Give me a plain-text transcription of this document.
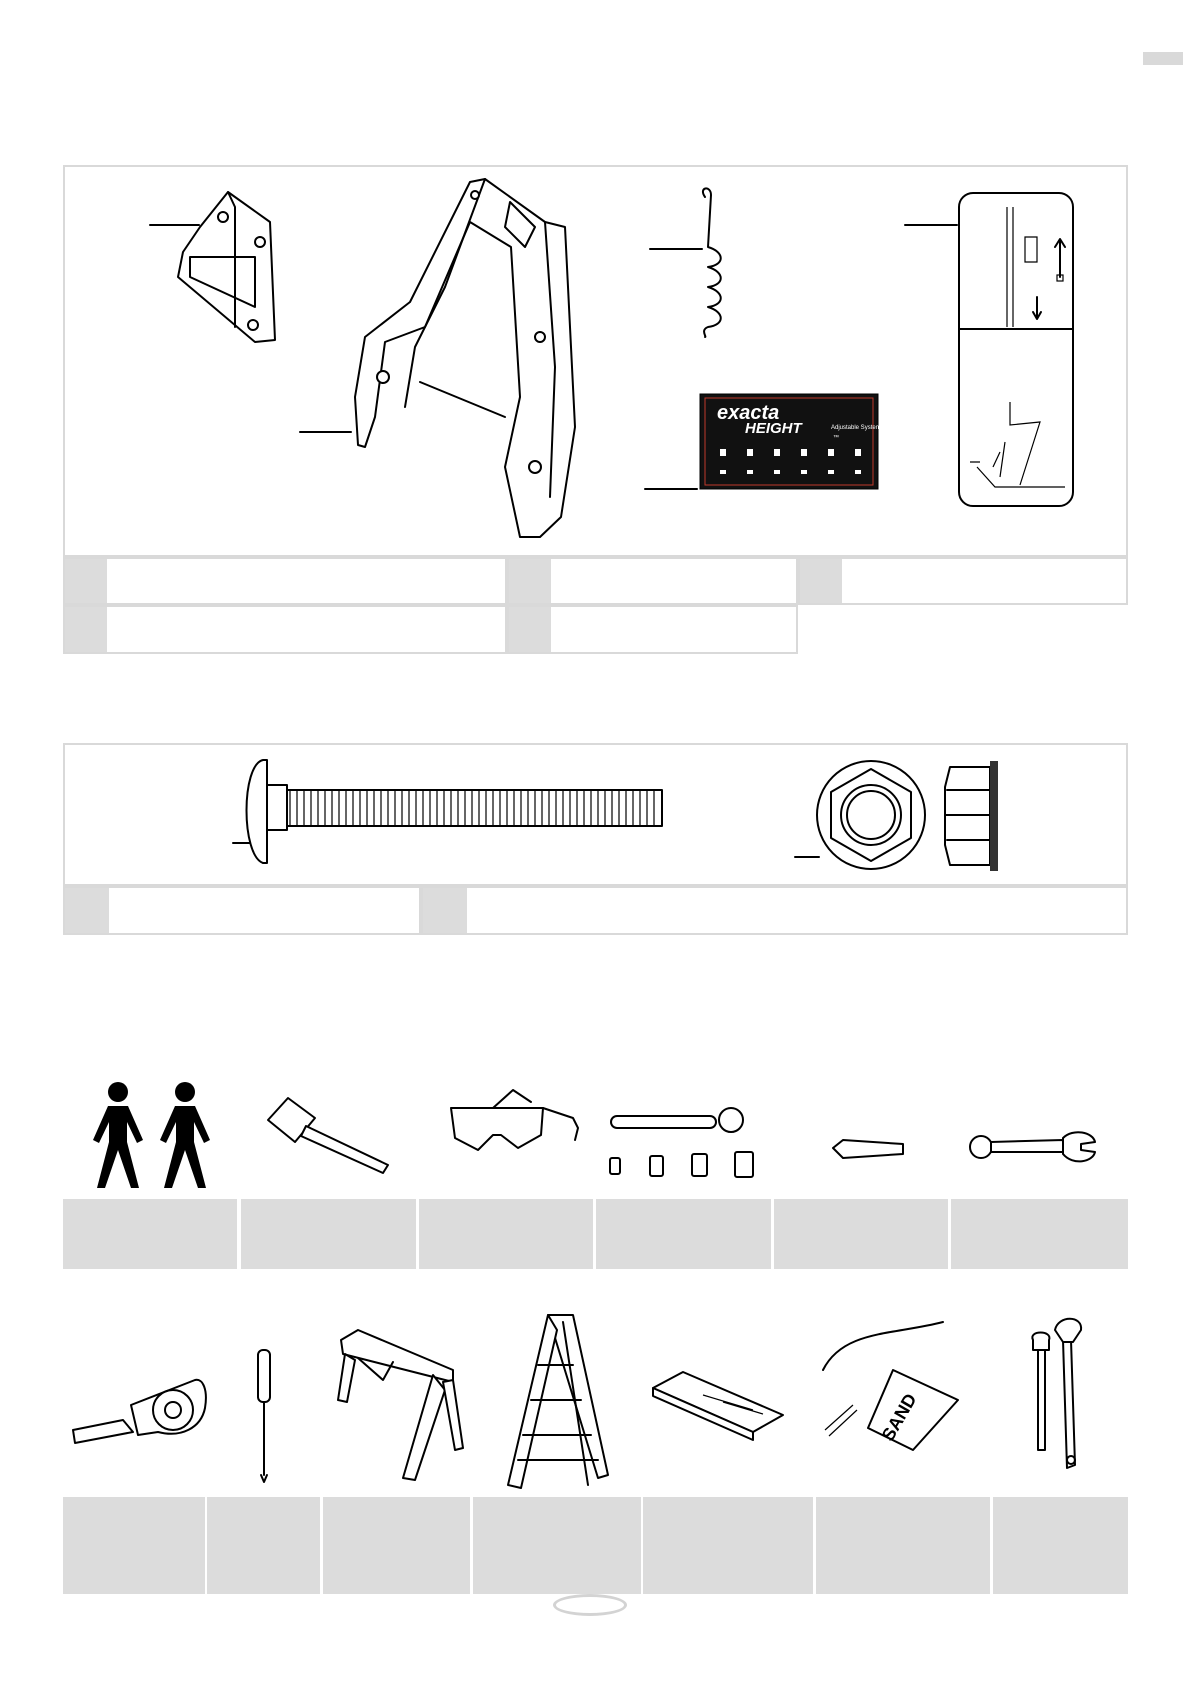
exacta
HEIGHT	Adjustable System
™
SAND
